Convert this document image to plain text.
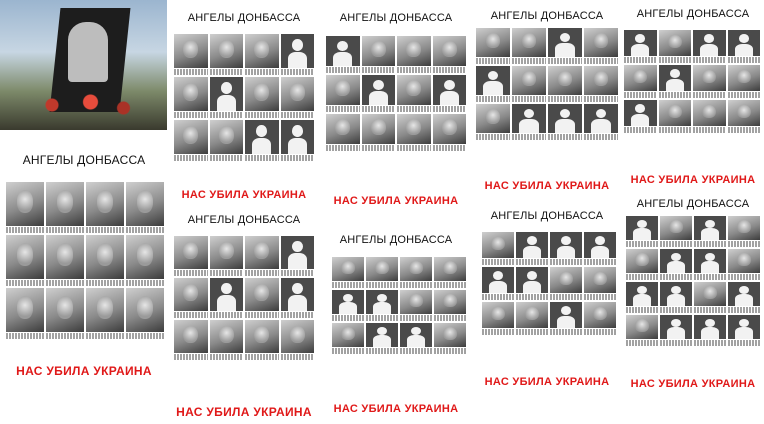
АНГЕЛЫ ДОНБАССА
НАС УБИЛА УКРАИНА
АНГЕЛЫ ДОНБАССА
НАС УБИЛА УКРАИНА
АНГЕЛЫ ДОНБАССА
НАС УБИЛА УКРАИНА
АНГЕЛЫ ДОНБАССА
НАС УБИЛА УКРАИНА
АНГЕЛЫ ДОНБАССА
НАС УБИЛА УКРАИНА
АНГЕЛЫ ДОНБАССА
НАС УБИЛА УКРАИНА
АНГЕЛЫ ДОНБАССА
НАС УБИЛА УКРАИНА
АНГЕЛЫ ДОНБАССА
НАС УБИЛА УКРАИНА
АНГЕЛЫ ДОНБАССА
НАС УБИЛА УКРАИНА
